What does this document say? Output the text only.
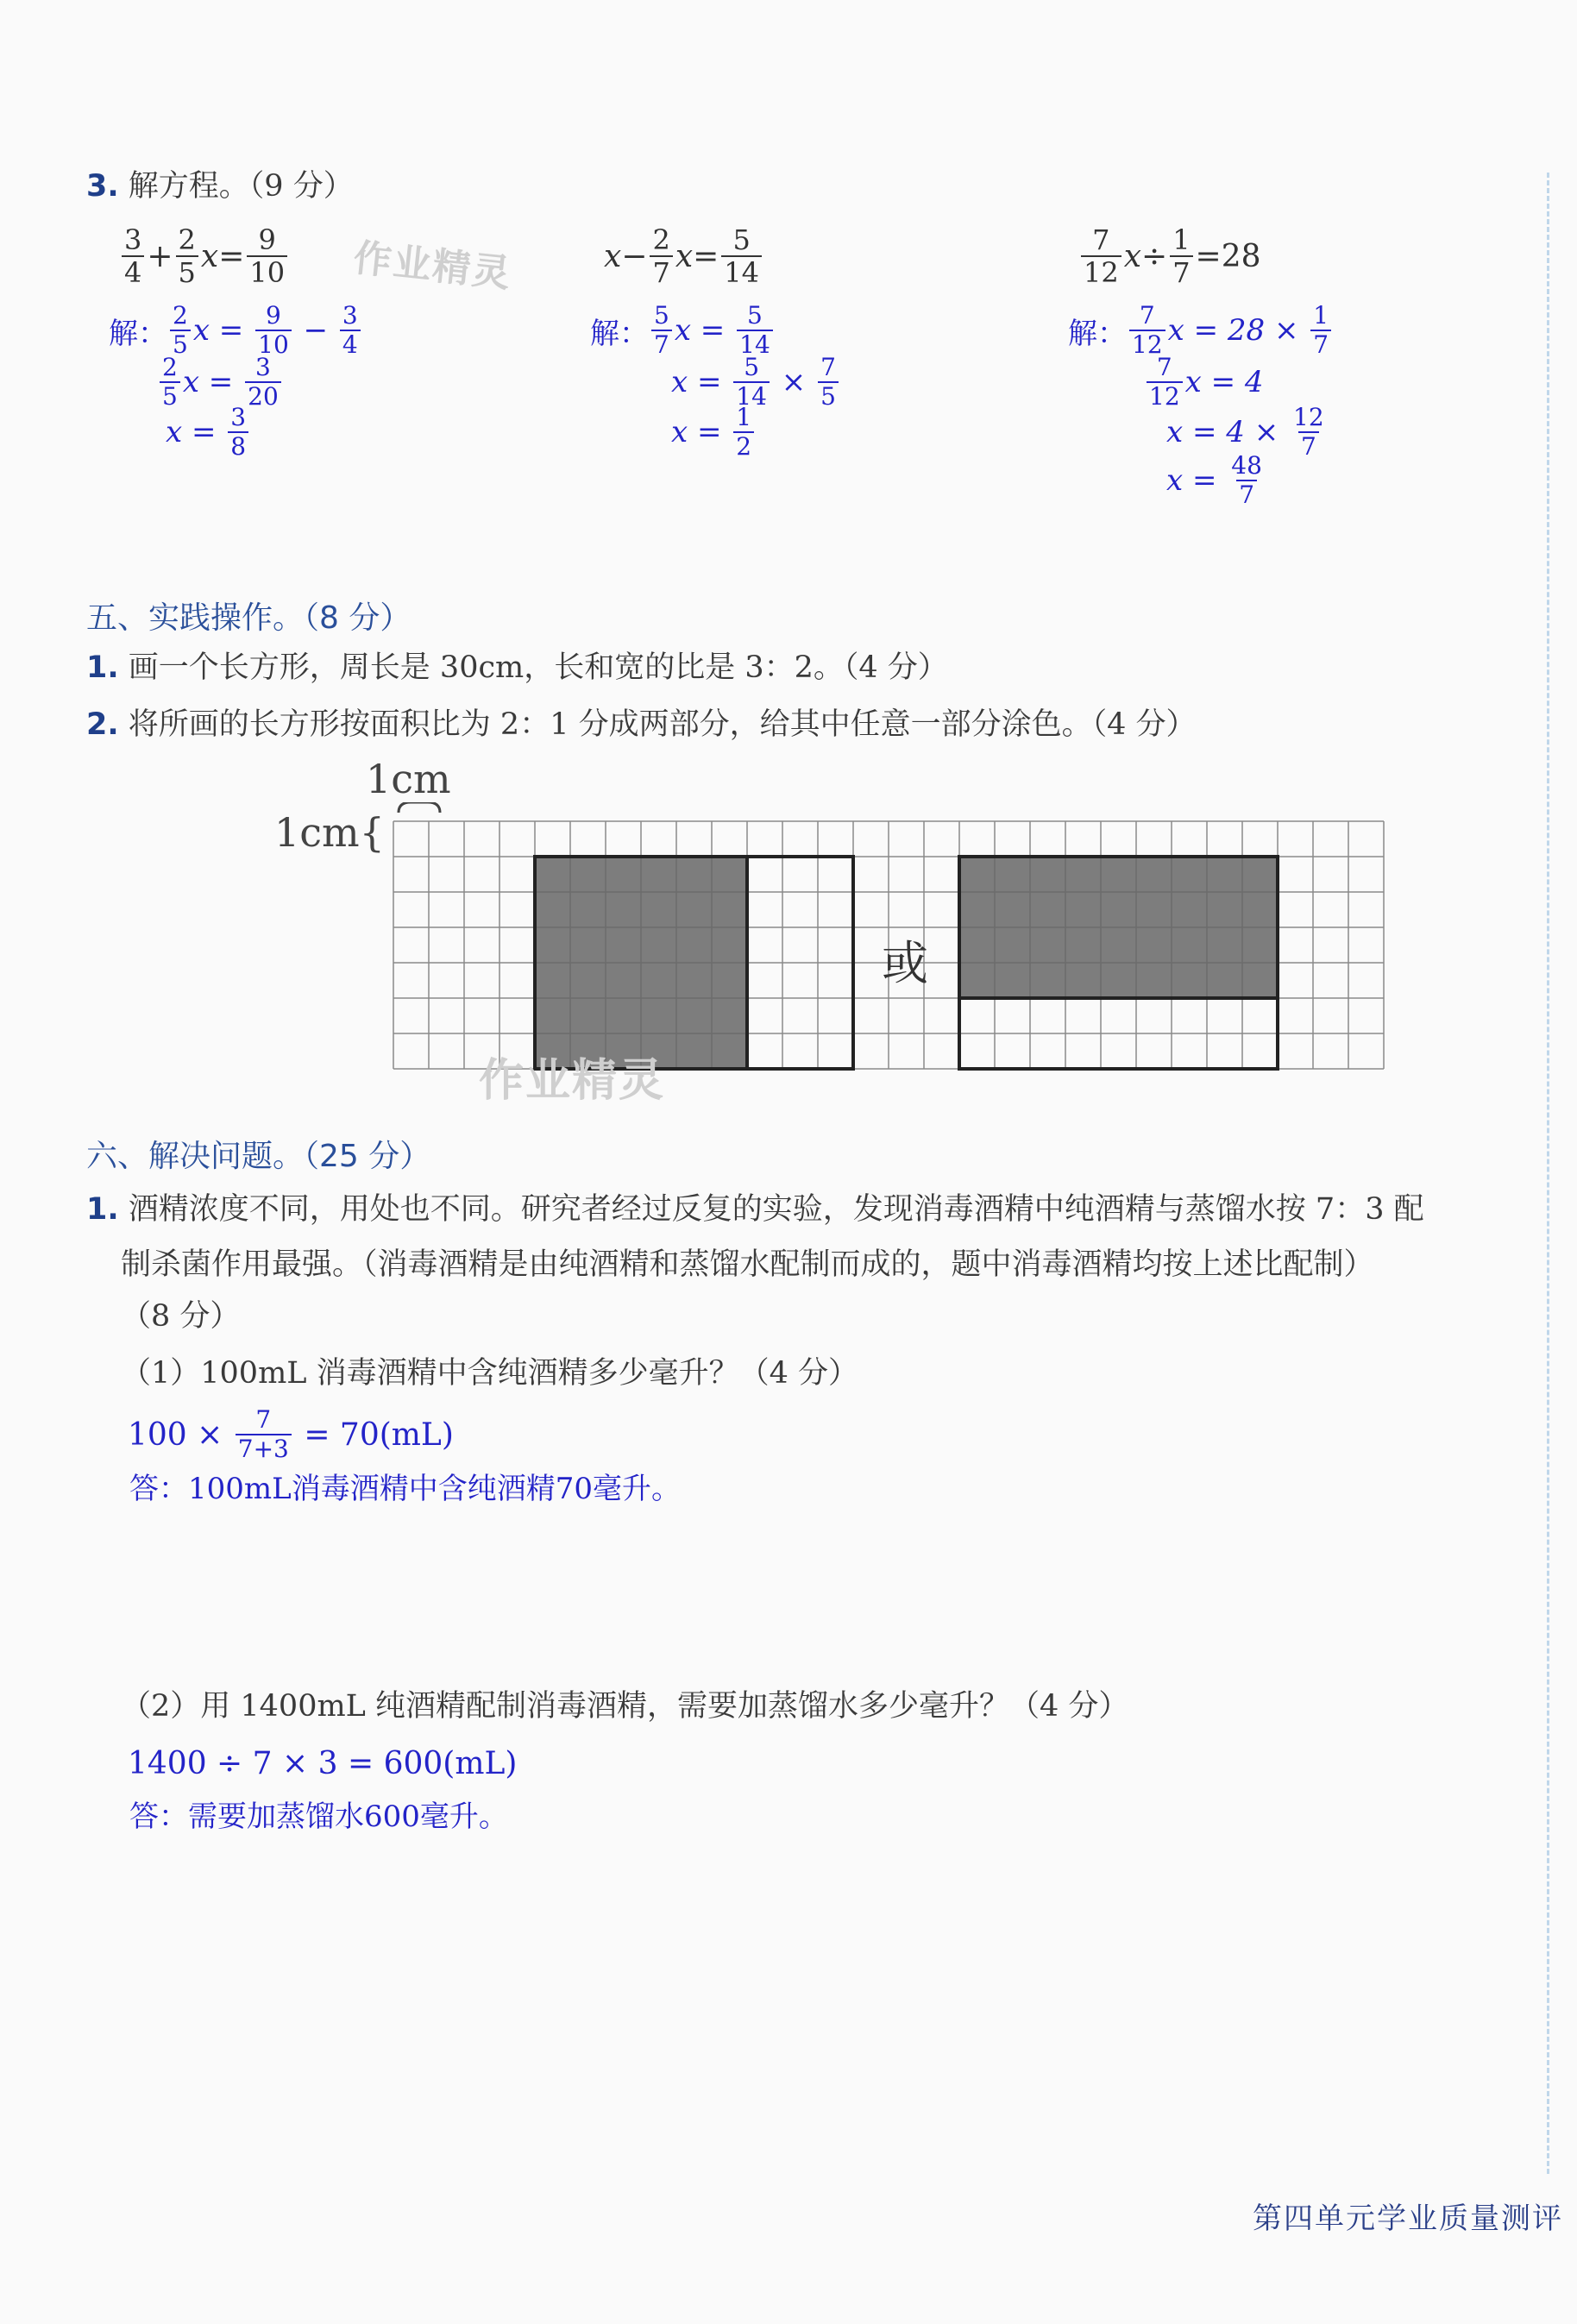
3. 解方程。（9 分）
$\frac{3}{4} + \frac{2}{5} x= \frac{9}{10}$	$x- \frac{2}{7} x= \frac{5}{14}$	$\frac{7}{12} x\div \frac{1}{7} =28$
作业精灵
解： $\frac{2}{5}$ x =
$\frac{9}{10}$
−
$\frac{3}{4}$
$\frac{2}{5}$ x =
$\frac{3}{20}$
x =
$\frac{3}{8}$
解： $\frac{5}{7}$ x =
$\frac{5}{14}$
x =
$\frac{5}{14}$
×
$\frac{7}{5}$
x =
$\frac{1}{2}$
解： $\frac{7}{12}$ x = 28 ×
$\frac{1}{7}$
$\frac{7}{12}$ x = 4
x = 4 ×
$\frac{12}{7}$
x =
$\frac{48}{7}$
五、实践操作。（8 分）
1. 画一个长方形，周长是 30cm，长和宽的比是 3：2。（4 分）
2. 将所画的长方形按面积比为 2：1 分成两部分，给其中任意一部分涂色。（4 分）
1cm
1cm{
或
作业精灵
六、解决问题。（25 分）
1. 酒精浓度不同，用处也不同。研究者经过反复的实验，发现消毒酒精中纯酒精与蒸馏水按 7：3 配
制杀菌作用最强。（消毒酒精是由纯酒精和蒸馏水配制而成的，题中消毒酒精均按上述比配制）
（8 分）
（1）100mL 消毒酒精中含纯酒精多少毫升？（4 分）
100 ×
$\frac{7}{7+3}$
= 70(mL)
答：100mL消毒酒精中含纯酒精70毫升。
（2）用 1400mL 纯酒精配制消毒酒精，需要加蒸馏水多少毫升？（4 分）
1400 ÷ 7 × 3 = 600(mL)
答：需要加蒸馏水600毫升。
第四单元学业质量测评
